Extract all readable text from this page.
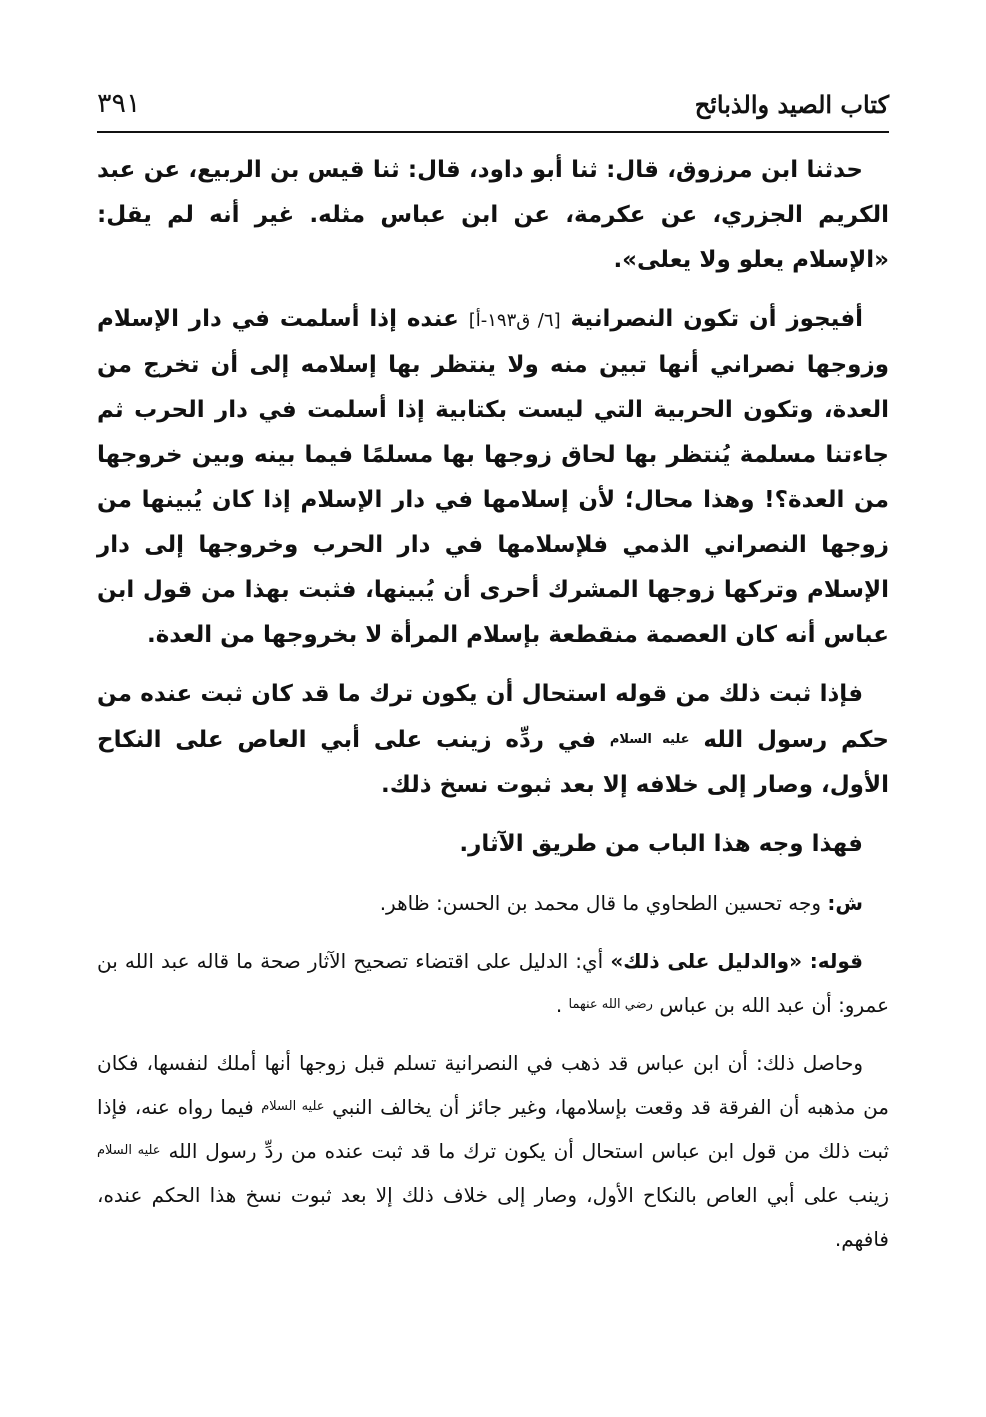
كتاب الصيد والذبائح
٣٩١

حدثنا ابن مرزوق، قال: ثنا أبو داود، قال: ثنا قيس بن الربيع، عن عبد الكريم الجزري، عن عكرمة، عن ابن عباس مثله. غير أنه لم يقل: «الإسلام يعلو ولا يعلى».

أفيجوز أن تكون النصرانية [٦/ ق١٩٣-أ] عنده إذا أسلمت في دار الإسلام وزوجها نصراني أنها تبين منه ولا ينتظر بها إسلامه إلى أن تخرج من العدة، وتكون الحربية التي ليست بكتابية إذا أسلمت في دار الحرب ثم جاءتنا مسلمة يُنتظر بها لحاق زوجها بها مسلمًا فيما بينه وبين خروجها من العدة؟! وهذا محال؛ لأن إسلامها في دار الإسلام إذا كان يُبينها من زوجها النصراني الذمي فلإسلامها في دار الحرب وخروجها إلى دار الإسلام وتركها زوجها المشرك أحرى أن يُبينها، فثبت بهذا من قول ابن عباس أنه كان العصمة منقطعة بإسلام المرأة لا بخروجها من العدة.

فإذا ثبت ذلك من قوله استحال أن يكون ترك ما قد كان ثبت عنده من حكم رسول الله عليه السلام في ردِّه زينب على أبي العاص على النكاح الأول، وصار إلى خلافه إلا بعد ثبوت نسخ ذلك.

فهذا وجه هذا الباب من طريق الآثار.

ش: وجه تحسين الطحاوي ما قال محمد بن الحسن: ظاهر.

قوله: «والدليل على ذلك» أي: الدليل على اقتضاء تصحيح الآثار صحة ما قاله عبد الله بن عمرو: أن عبد الله بن عباس $^{رضي الله عنهما}$ .

وحاصل ذلك: أن ابن عباس قد ذهب في النصرانية تسلم قبل زوجها أنها أملك لنفسها، فكان من مذهبه أن الفرقة قد وقعت بإسلامها، وغير جائز أن يخالف النبي $^{عليه السلام}$ فيما رواه عنه، فإذا ثبت ذلك من قول ابن عباس استحال أن يكون ترك ما قد ثبت عنده من ردِّ رسول الله $^{عليه السلام}$ زينب على أبي العاص بالنكاح الأول، وصار إلى خلاف ذلك إلا بعد ثبوت نسخ هذا الحكم عنده، فافهم.
